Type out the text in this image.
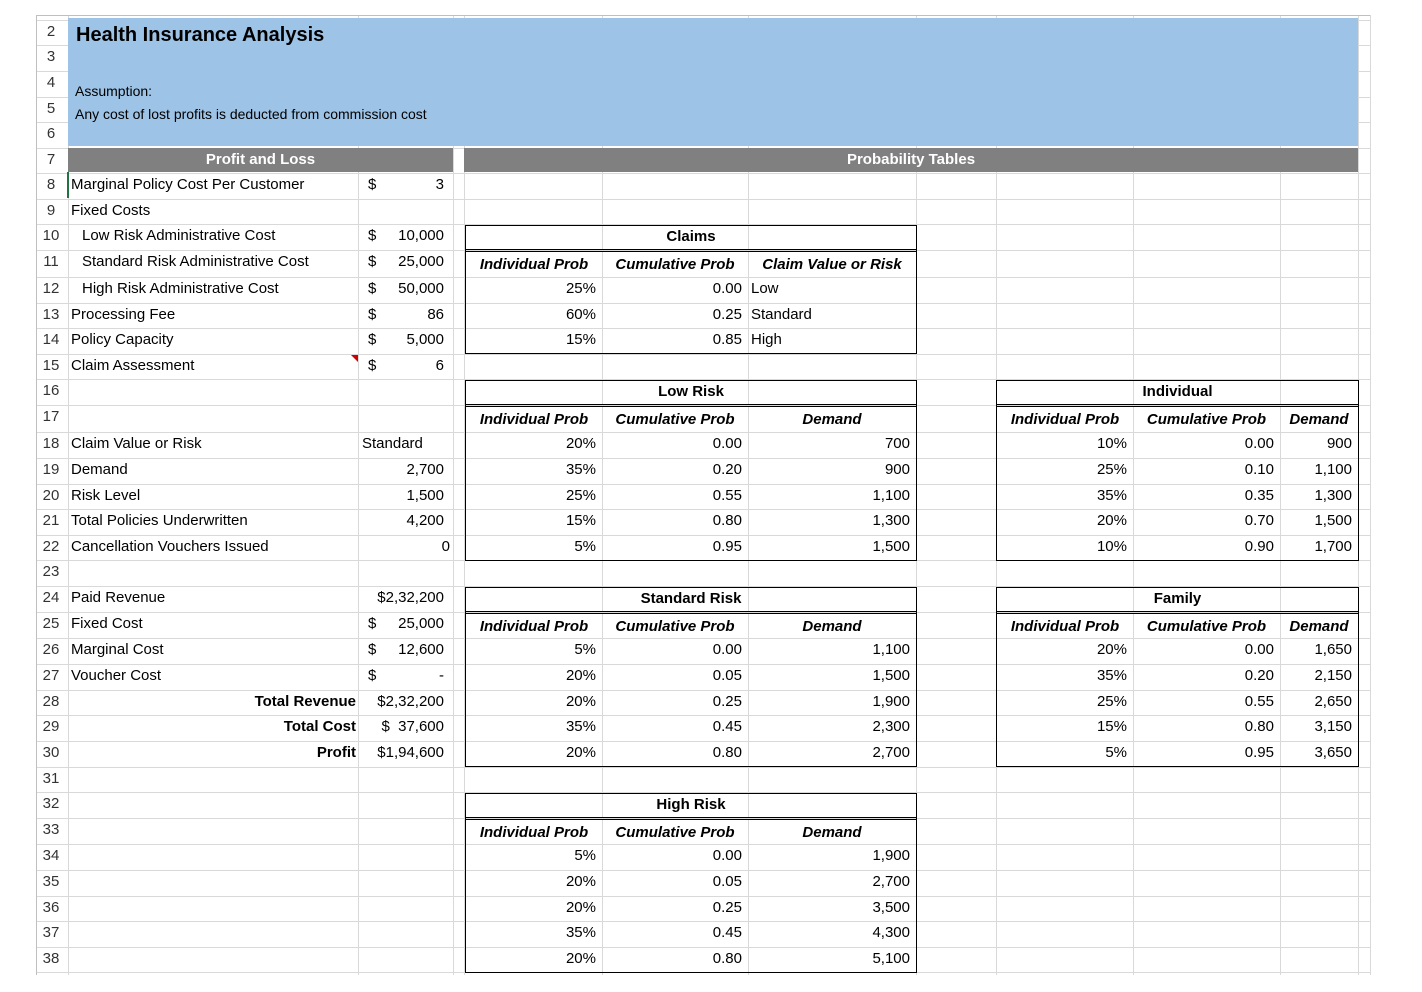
Health Insurance Analysis
Assumption:
Any cost of lost profits is deducted from commission cost
Profit and Loss	Probability Tables
2
3
4
5
6
7
8
9
10
11
12
13
14
15
16
17
18
19
20
21
22
23
24
25
26
27
28
29
30
31
32
33
34
35
36
37
38
Marginal Policy Cost Per Customer	$	3
Fixed Costs
Low Risk Administrative Cost	$	10,000
Standard Risk Administrative Cost	$	25,000
High Risk Administrative Cost	$	50,000
Processing Fee	$	86
Policy Capacity	$	5,000
Claim Assessment	$	6
Claim Value or Risk	Standard
Demand	2,700
Risk Level	1,500
Total Policies Underwritten	4,200
Cancellation Vouchers Issued	0
Paid Revenue	$2,32,200
Fixed Cost	$	25,000
Marginal Cost	$	12,600
Voucher Cost	$	-
Total Revenue	$2,32,200
Total Cost	$  37,600
Profit	$1,94,600
Claims
Individual Prob	Cumulative Prob	Claim Value or Risk
25%	0.00 Low
60%	0.25 Standard
15%	0.85 High
Low Risk
Individual Prob	Cumulative Prob	Demand
20%	0.00	700
35%	0.20	900
25%	0.55	1,100
15%	0.80	1,300
5%	0.95	1,500
Standard Risk
Individual Prob	Cumulative Prob	Demand
5%	0.00	1,100
20%	0.05	1,500
20%	0.25	1,900
35%	0.45	2,300
20%	0.80	2,700
High Risk
Individual Prob	Cumulative Prob	Demand
5%	0.00	1,900
20%	0.05	2,700
20%	0.25	3,500
35%	0.45	4,300
20%	0.80	5,100
Individual
Individual Prob	Cumulative Prob	Demand
10%	0.00	900
25%	0.10	1,100
35%	0.35	1,300
20%	0.70	1,500
10%	0.90	1,700
Family
Individual Prob	Cumulative Prob	Demand
20%	0.00	1,650
35%	0.20	2,150
25%	0.55	2,650
15%	0.80	3,150
5%	0.95	3,650
